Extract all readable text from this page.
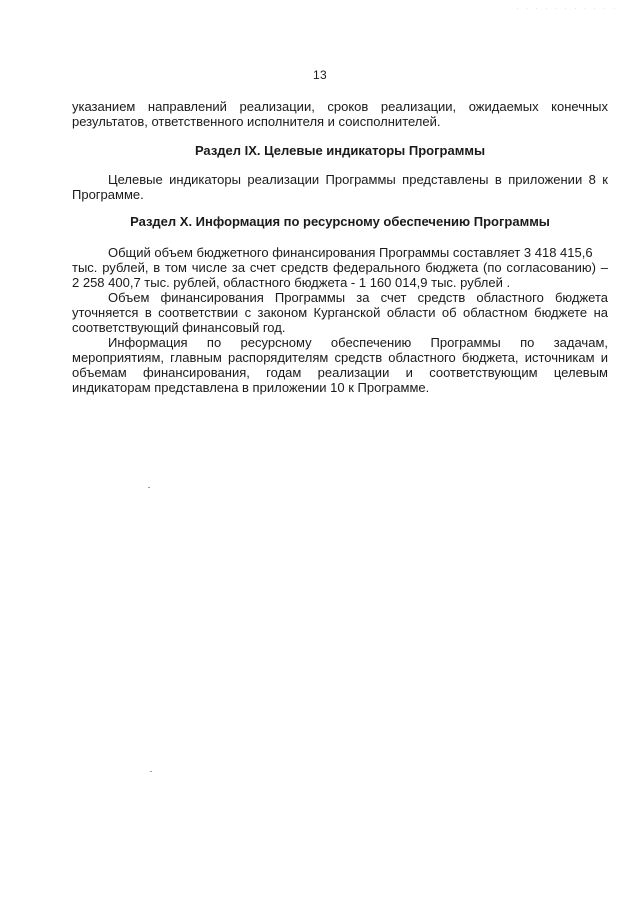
· · · · · · · · · · ·
13

указанием направлений реализации, сроков реализации, ожидаемых конечных
результатов, ответственного исполнителя и соисполнителей.

Раздел IX. Целевые индикаторы Программы

Целевые индикаторы реализации Программы представлены в приложении 8 к
Программе.

Раздел X. Информация по ресурсному обеспечению Программы

Общий объем бюджетного финансирования Программы составляет 3 418 415,6
тыс. рублей, в том числе за счет средств федерального бюджета (по согласованию) –
2 258 400,7 тыс. рублей, областного бюджета - 1 160 014,9 тыс. рублей .

Объем финансирования Программы за счет средств областного бюджета
уточняется в соответствии с законом Курганской области об областном бюджете на
соответствующий финансовый год.

Информация по ресурсному обеспечению Программы по задачам,
мероприятиям, главным распорядителям средств областного бюджета, источникам и
объемам финансирования, годам реализации и соответствующим целевым
индикаторам представлена в приложении 10 к Программе.
